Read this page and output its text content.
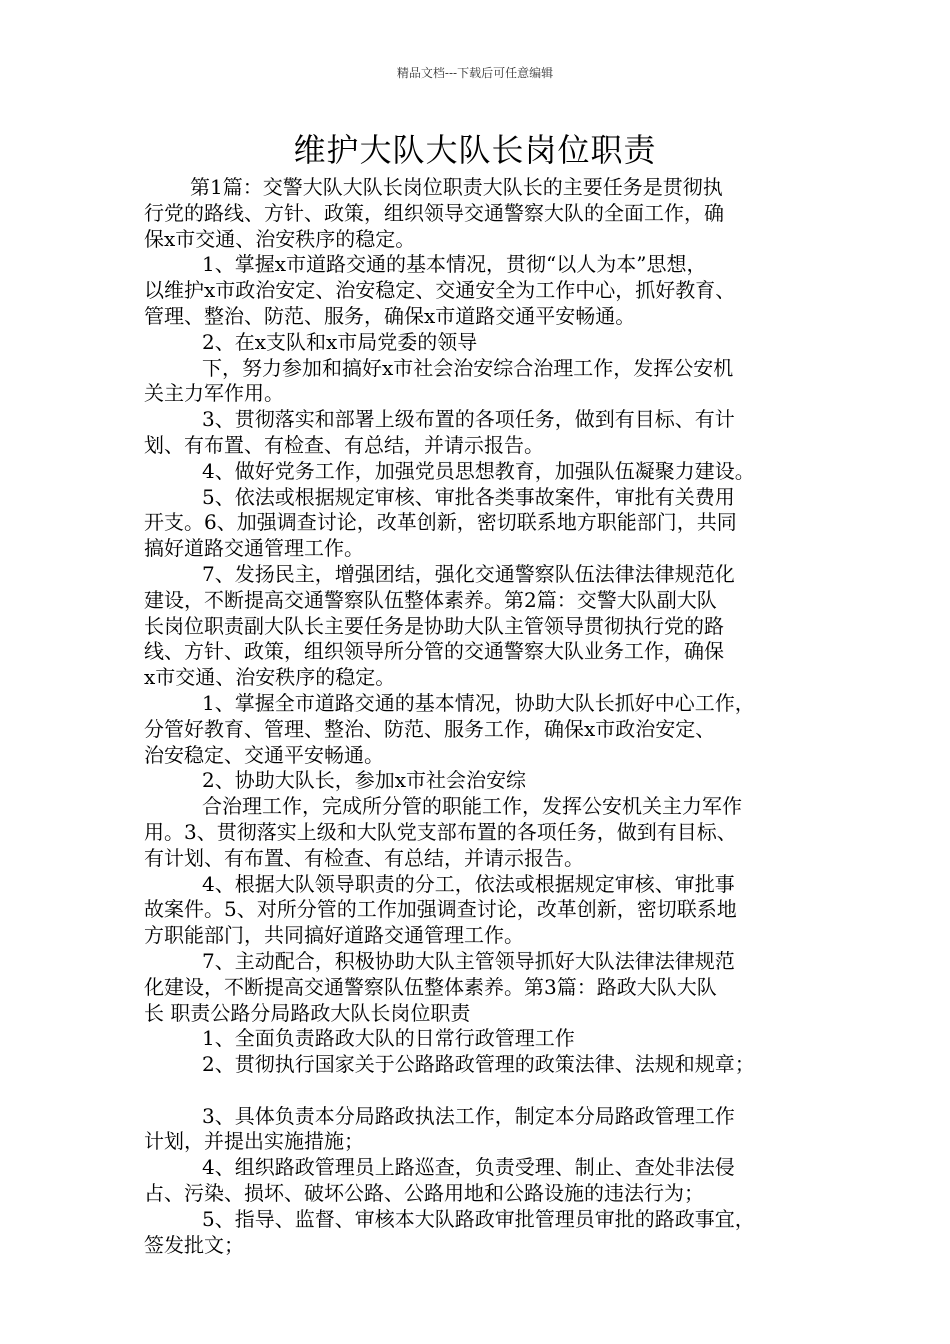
精品文档---下载后可任意编辑
维护大队大队长岗位职责
第1篇：交警大队大队长岗位职责大队长的主要任务是贯彻执
行党的路线、方针、政策，组织领导交通警察大队的全面工作，确
保x市交通、治安秩序的稳定。
1、掌握x市道路交通的基本情况，贯彻“以人为本”思想，
以维护x市政治安定、治安稳定、交通安全为工作中心，抓好教育、
管理、整治、防范、服务，确保x市道路交通平安畅通。
2、在x支队和x市局党委的领导
下，努力参加和搞好x市社会治安综合治理工作，发挥公安机
关主力军作用。
3、贯彻落实和部署上级布置的各项任务，做到有目标、有计
划、有布置、有检查、有总结，并请示报告。
4、做好党务工作，加强党员思想教育，加强队伍凝聚力建设。
5、依法或根据规定审核、审批各类事故案件，审批有关费用
开支。6、加强调查讨论，改革创新，密切联系地方职能部门，共同
搞好道路交通管理工作。
7、发扬民主，增强团结，强化交通警察队伍法律法律规范化
建设，不断提高交通警察队伍整体素养。第2篇：交警大队副大队
长岗位职责副大队长主要任务是协助大队主管领导贯彻执行党的路
线、方针、政策，组织领导所分管的交通警察大队业务工作，确保
x市交通、治安秩序的稳定。
1、掌握全市道路交通的基本情况，协助大队长抓好中心工作，
分管好教育、管理、整治、防范、服务工作，确保x市政治安定、
治安稳定、交通平安畅通。
2、协助大队长，参加x市社会治安综
合治理工作，完成所分管的职能工作，发挥公安机关主力军作
用。3、贯彻落实上级和大队党支部布置的各项任务，做到有目标、
有计划、有布置、有检查、有总结，并请示报告。
4、根据大队领导职责的分工，依法或根据规定审核、审批事
故案件。5、对所分管的工作加强调查讨论，改革创新，密切联系地
方职能部门，共同搞好道路交通管理工作。
7、主动配合，积极协助大队主管领导抓好大队法律法律规范
化建设，不断提高交通警察队伍整体素养。第3篇：路政大队大队
长 职责公路分局路政大队长岗位职责
1、全面负责路政大队的日常行政管理工作
2、贯彻执行国家关于公路路政管理的政策法律、法规和规章；
3、具体负责本分局路政执法工作，制定本分局路政管理工作
计划，并提出实施措施；
4、组织路政管理员上路巡查，负责受理、制止、查处非法侵
占、污染、损坏、破坏公路、公路用地和公路设施的违法行为；
5、指导、监督、审核本大队路政审批管理员审批的路政事宜，
签发批文；
